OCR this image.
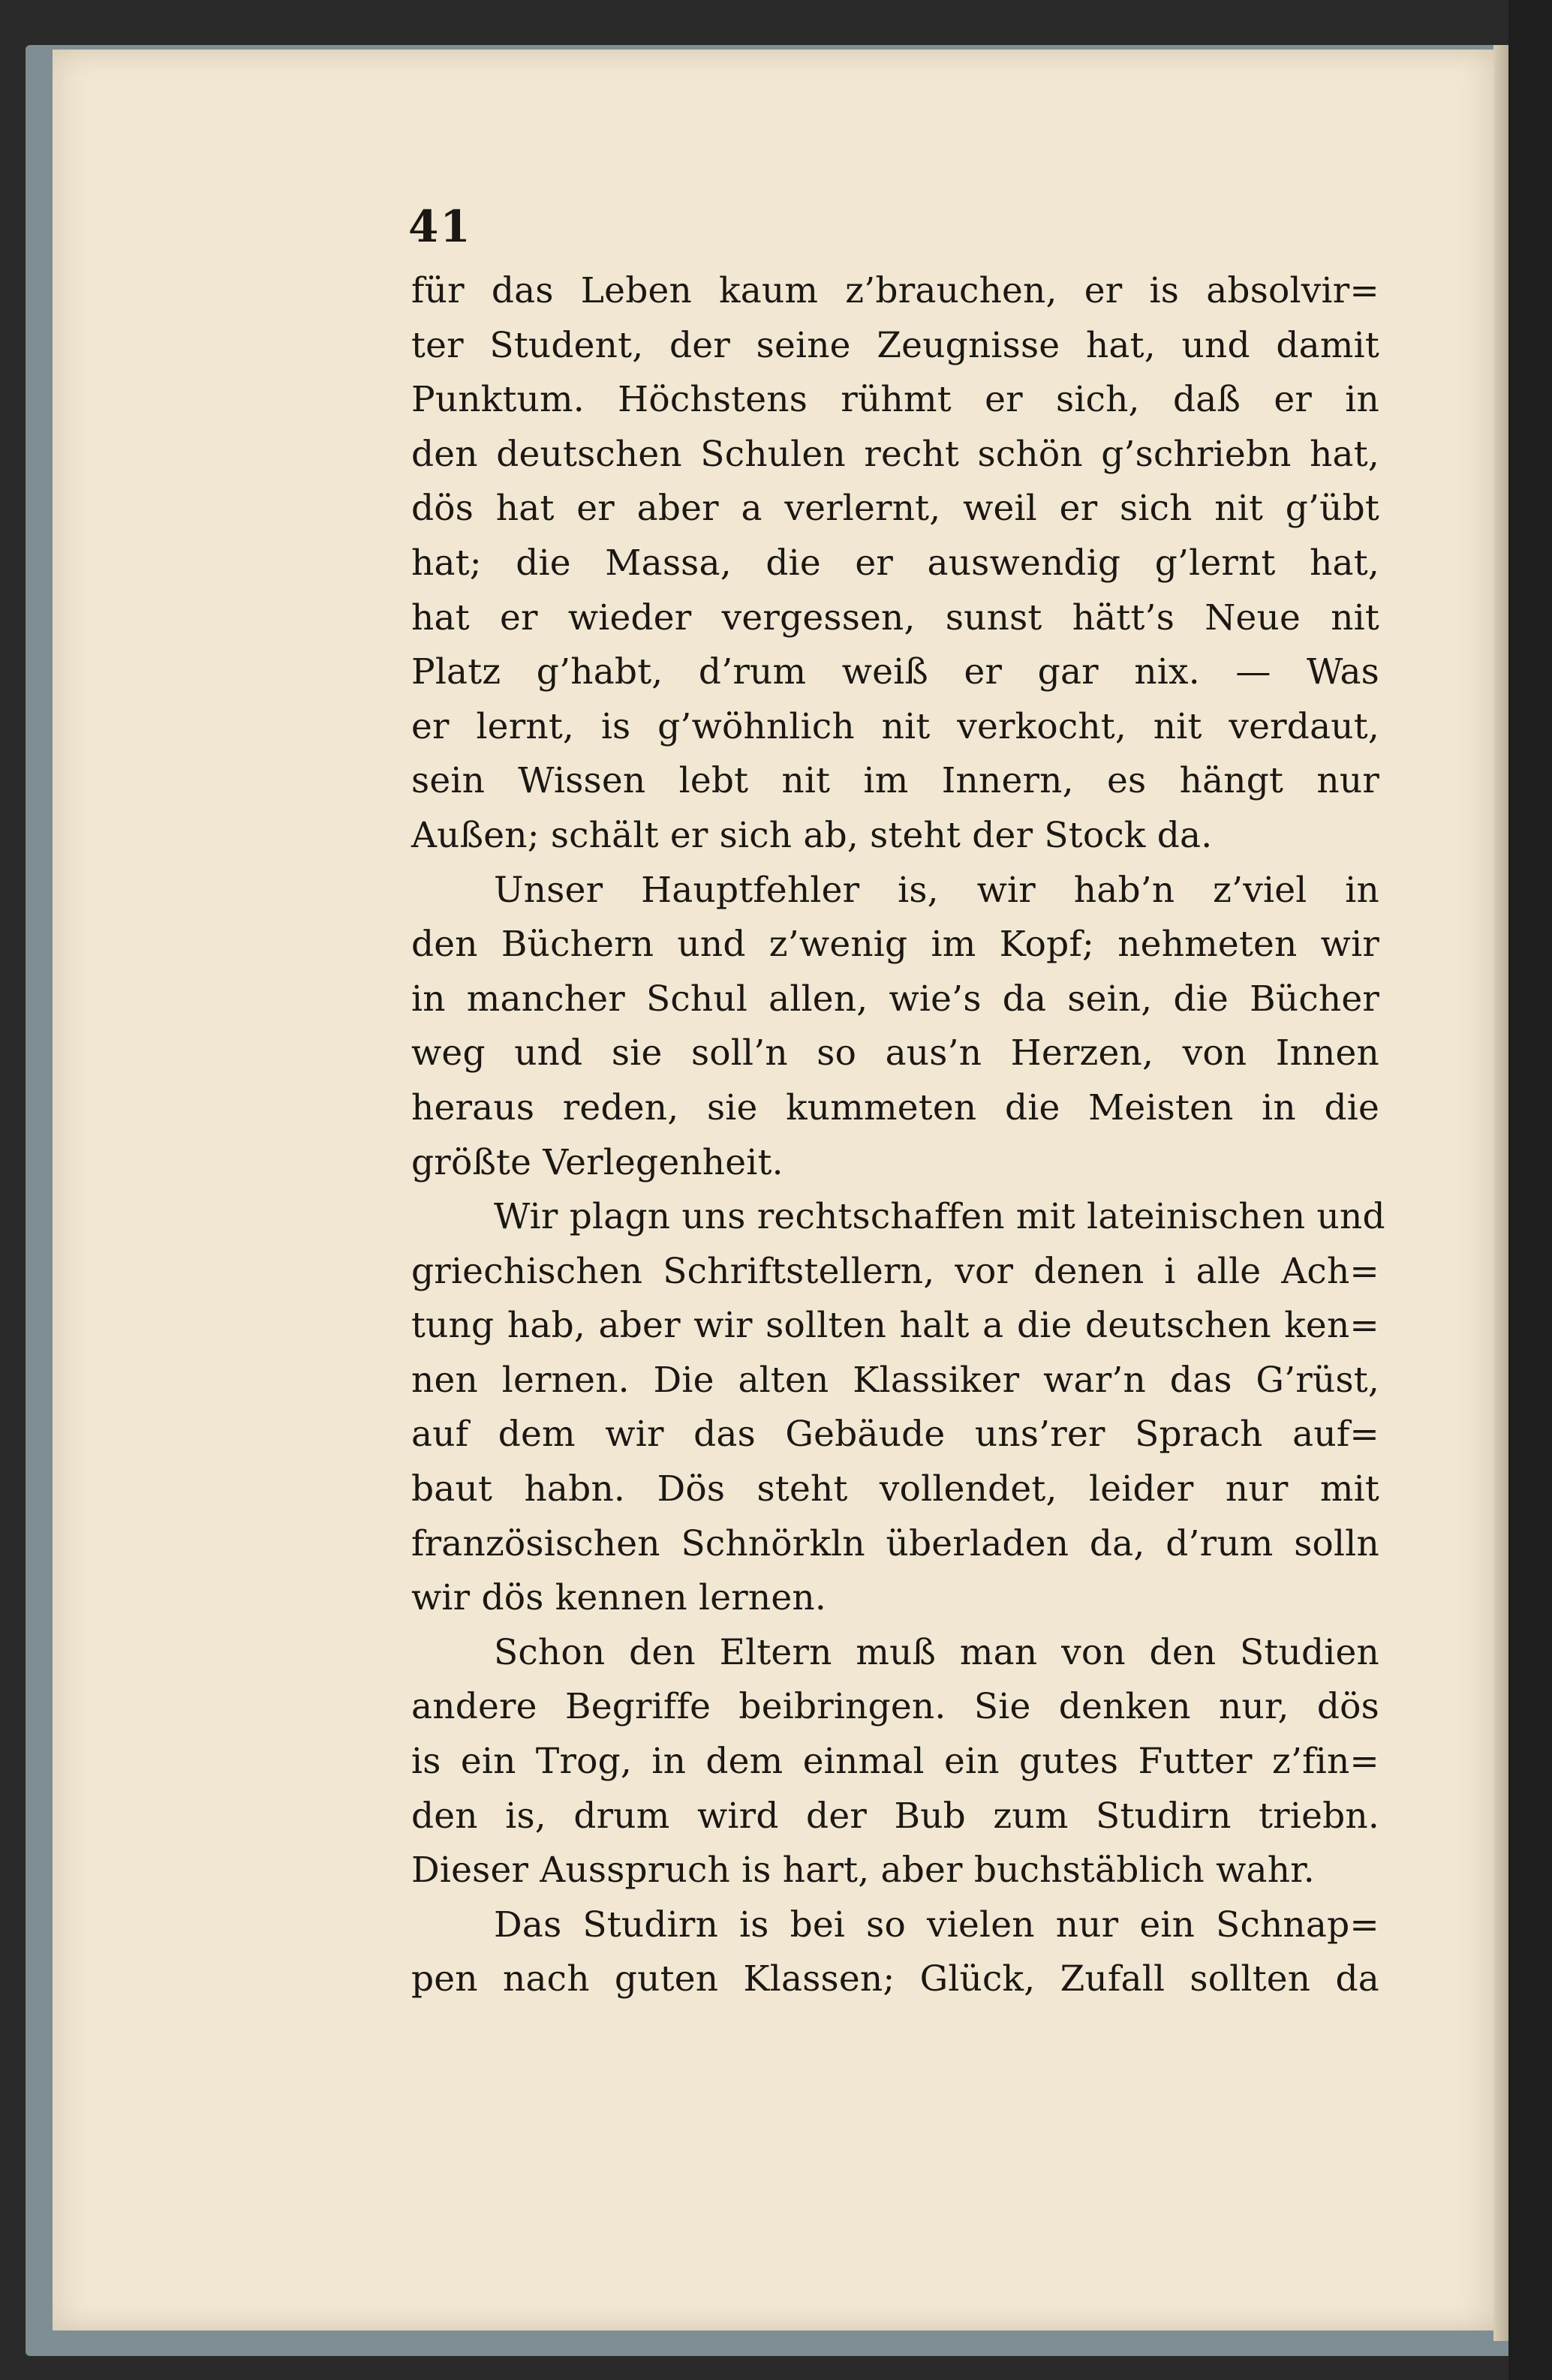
41
für das Leben kaum z’brauchen, er is absolvir=
ter Student, der seine Zeugnisse hat, und damit
Punktum. Höchstens rühmt er sich, daß er in
den deutschen Schulen recht schön g’schriebn hat,
dös hat er aber a verlernt, weil er sich nit g’übt
hat; die Massa, die er auswendig g’lernt hat,
hat er wieder vergessen, sunst hätt’s Neue nit
Platz g’habt, d’rum weiß er gar nix. — Was
er lernt, is g’wöhnlich nit verkocht, nit verdaut,
sein Wissen lebt nit im Innern, es hängt nur
Außen; schält er sich ab, steht der Stock da.
Unser Hauptfehler is, wir hab’n z’viel in
den Büchern und z’wenig im Kopf; nehmeten wir
in mancher Schul allen, wie’s da sein, die Bücher
weg und sie soll’n so aus’n Herzen, von Innen
heraus reden, sie kummeten die Meisten in die
größte Verlegenheit.
Wir plagn uns rechtschaffen mit lateinischen und
griechischen Schriftstellern, vor denen i alle Ach=
tung hab, aber wir sollten halt a die deutschen ken=
nen lernen. Die alten Klassiker war’n das G’rüst,
auf dem wir das Gebäude uns’rer Sprach auf=
baut habn. Dös steht vollendet, leider nur mit
französischen Schnörkln überladen da, d’rum solln
wir dös kennen lernen.
Schon den Eltern muß man von den Studien
andere Begriffe beibringen. Sie denken nur, dös
is ein Trog, in dem einmal ein gutes Futter z’fin=
den is, drum wird der Bub zum Studirn triebn.
Dieser Ausspruch is hart, aber buchstäblich wahr.
Das Studirn is bei so vielen nur ein Schnap=
pen nach guten Klassen; Glück, Zufall sollten da
